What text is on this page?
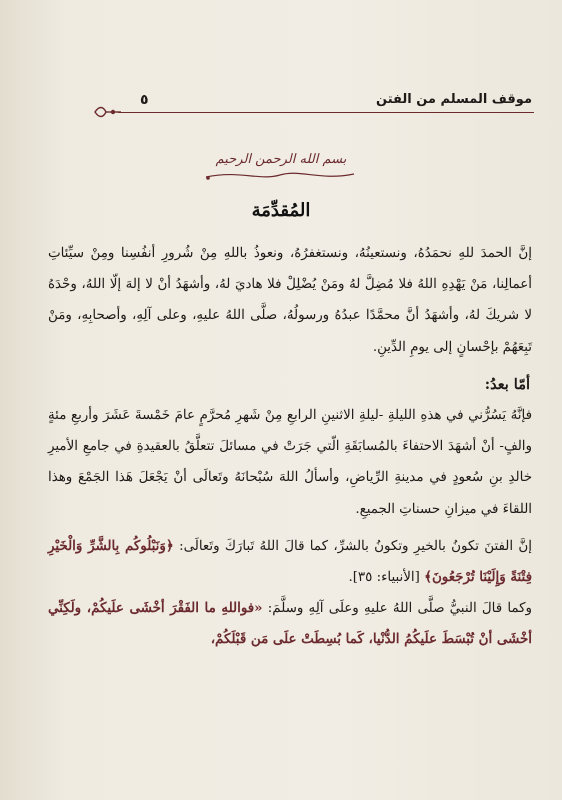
موقف المسلم من الفتن
٥
بسم الله الرحمن الرحيم
المُقدِّمَة

إنَّ الحمدَ للهِ نحمَدُهُ، ونستعينُهُ، ونستغفرُهُ، ونعوذُ باللهِ مِنْ شُرورِ أنفُسِنا ومِنْ سيِّئاتِ أعمالِنا، مَنْ يَهْدِهِ اللهُ فلا مُضِلَّ لهُ ومَنْ يُضْلِلْ فلا هاديَ لهُ، وأشهَدُ أنْ لا إلهَ إلّا اللهُ، وحْدَهُ لا شريكَ لهُ، وأشهَدُ أنَّ محمَّدًا عبدُهُ ورسولُهُ، صلَّى اللهُ عليهِ، وعلى آلِهِ، وأصحابِهِ، ومَنْ تَبِعَهُمْ بإحْسانٍ إلى يومِ الدِّينِ.

أمّا بعدُ:

فإنَّهُ يَسُرُّني في هذهِ الليلةِ -ليلةِ الاثنينِ الرابعِ مِنْ شَهرِ مُحرَّمٍ عامَ خَمْسةَ عَشَرَ وأربعِ مئةٍ والفٍ- أنْ أشهَدَ الاحتفاءَ بالمُسابَقَةِ الّتي جَرَتْ في مسائلَ تتعلَّقُ بالعقيدةِ في جامعِ الأميرِ خالدِ بنِ سُعودٍ في مدينةِ الرِّياضِ، وأسألُ اللهَ سُبْحانَهُ وتَعالَى أنْ يَجْعَلَ هَذا الجَمْعَ وهذا اللقاءَ في ميزانِ حسناتِ الجميعِ.

إنَّ الفتنَ تكونُ بالخيرِ وتكونُ بالشرِّ، كما قالَ اللهُ تَبارَكَ وتَعالَى: ﴿وَنَبْلُوكُم بِالشَّرِّ وَالْخَيْرِ فِتْنَةً وَإِلَيْنَا تُرْجَعُونَ﴾ [الأنبياء: ٣٥].

وكما قالَ النبيُّ صلَّى اللهُ عليهِ وعلَى آلِهِ وسلَّمَ: «فواللهِ ما الفَقْرَ أخْشَى علَيكُمْ، ولَكِنِّي أخْشَى أنْ تُبْسَطَ علَيكُمُ الدُّنْيا، كَما بُسِطَتْ علَى مَن قَبْلَكُمْ،
